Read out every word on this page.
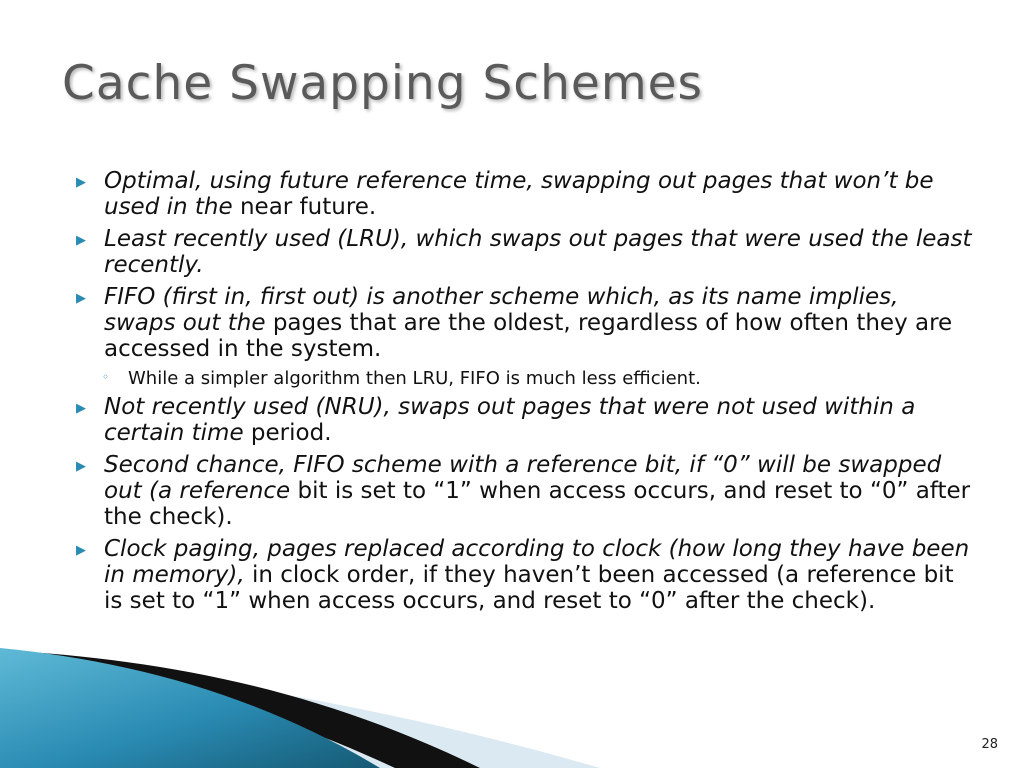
Cache Swapping Schemes
▶ Optimal, using future reference time, swapping out pages that won’t be used in the near future.
▶ Least recently used (LRU), which swaps out pages that were used the least recently.
▶ FIFO (first in, first out) is another scheme which, as its name implies, swaps out the pages that are the oldest, regardless of how often they are accessed in the system.
◦	While a simpler algorithm then LRU, FIFO is much less efficient.
▶ Not recently used (NRU), swaps out pages that were not used within a certain time period.
▶ Second chance, FIFO scheme with a reference bit, if “0” will be swapped out (a reference bit is set to “1” when access occurs, and reset to “0” after the check).
▶ Clock paging, pages replaced according to clock (how long they have been in memory), in clock order, if they haven’t been accessed (a reference bit is set to “1” when access occurs, and reset to “0” after the check).
28
